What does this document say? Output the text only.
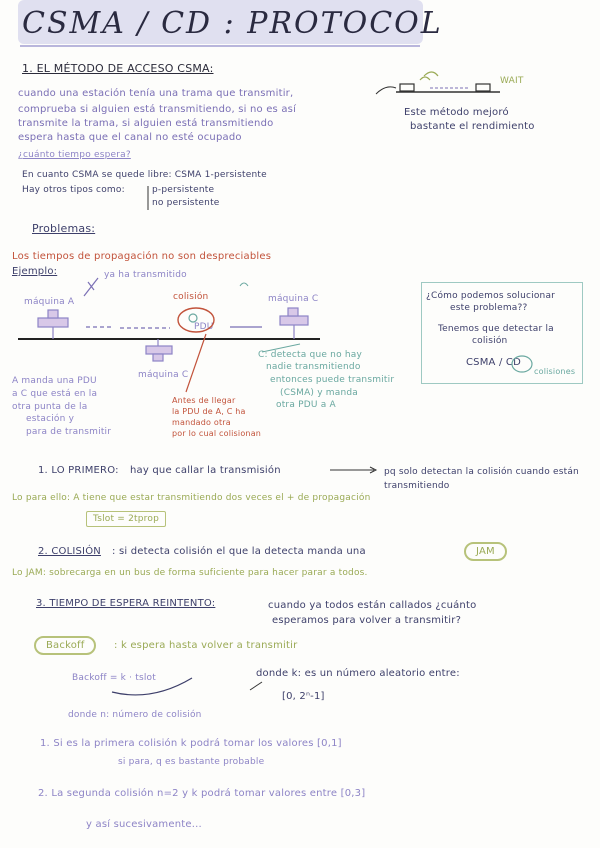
CSMA / CD : PROTOCOL
1. EL MÉTODO DE ACCESO CSMA:
cuando una estación tenía una trama que transmitir,
comprueba si alguien está transmitiendo, si no es así
transmite la trama, si alguien está transmitiendo
espera hasta que el canal no esté ocupado
WAIT
Este método mejoró
bastante el rendimiento
¿cuánto tiempo espera?
En cuanto CSMA se quede libre: CSMA 1-persistente
Hay otros tipos como:	p-persistente
no persistente
Problemas:
Los tiempos de propagación no son despreciables
Ejemplo:	ya ha transmitido
máquina A	colisión	máquina C
PDU
máquina C
A manda una PDU
a C que está en la
otra punta de la
estación y
para de transmitir
Antes de llegar
la PDU de A, C ha
mandado otra
por lo cual colisionan
C: detecta que no hay
nadie transmitiendo
entonces puede transmitir
(CSMA) y manda
otra PDU a A
¿Cómo podemos solucionar
este problema??
Tenemos que detectar la
colisión
CSMA / CD
colisiones
1. LO PRIMERO: hay que callar la transmisión	pq solo detectan la colisión cuando están transmitiendo
Lo para ello: A tiene que estar transmitiendo dos veces el + de propagación
Tslot = 2tprop
2. COLISIÓN : si detecta colisión el que la detecta manda una	JAM
Lo JAM: sobrecarga en un bus de forma suficiente para hacer parar a todos.
3. TIEMPO DE ESPERA REINTENTO:	cuando ya todos están callados ¿cuánto
esperamos para volver a transmitir?
Backoff	: k espera hasta volver a transmitir
Backoff = k · tslot	donde k: es un número aleatorio entre:
[0, 2ⁿ-1]
donde n: número de colisión
1. Si es la primera colisión k podrá tomar los valores [0,1]
si para, q es bastante probable
2. La segunda colisión n=2 y k podrá tomar valores entre [0,3]
y así sucesivamente...
